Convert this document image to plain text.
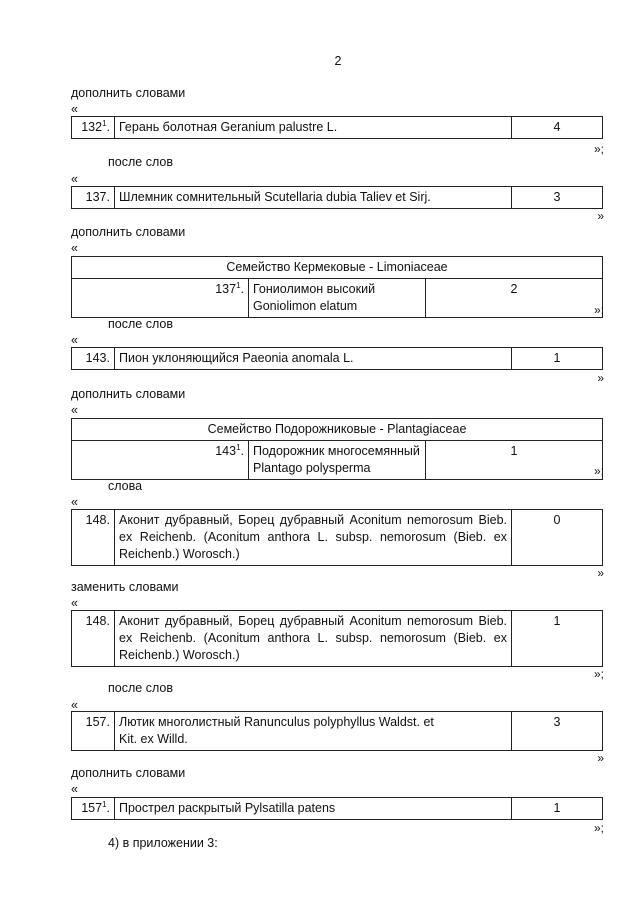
2
дополнить словами
«
$132^1$.	Герань болотная Geranium palustre L.	4
»;
после слов
«
137.	Шлемник сомнительный Scutellaria dubia Taliev et Sirj.	3
»
дополнить словами
«
Семейство Кермековые - Limoniaceae
$137^1$.	Гониолимон высокий Goniolimon elatum	2
»;
после слов
«
143.	Пион уклоняющийся Paeonia anomala L.	1
»
дополнить словами
«
Семейство Подорожниковые - Plantagiaceae
$143^1$.	Подорожник многосемянный Plantago polysperma	1
»;
слова
«
148.	Аконит дубравный, Борец дубравный Aconitum nemorosum Bieb. ex Reichenb. (Aconitum anthora L. subsp. nemorosum (Bieb. ex Reichenb.) Worosch.)	0
»
заменить словами
«
148.	Аконит дубравный, Борец дубравный Aconitum nemorosum Bieb. ex Reichenb. (Aconitum anthora L. subsp. nemorosum (Bieb. ex Reichenb.) Worosch.)	1
»;
после слов
«
157.	Лютик многолистный Ranunculus polyphyllus Waldst. et
Kit. ex Willd.	3
»
дополнить словами
«
$157^1$.	Прострел раскрытый Pylsatilla patens	1
»;
4) в приложении 3:
